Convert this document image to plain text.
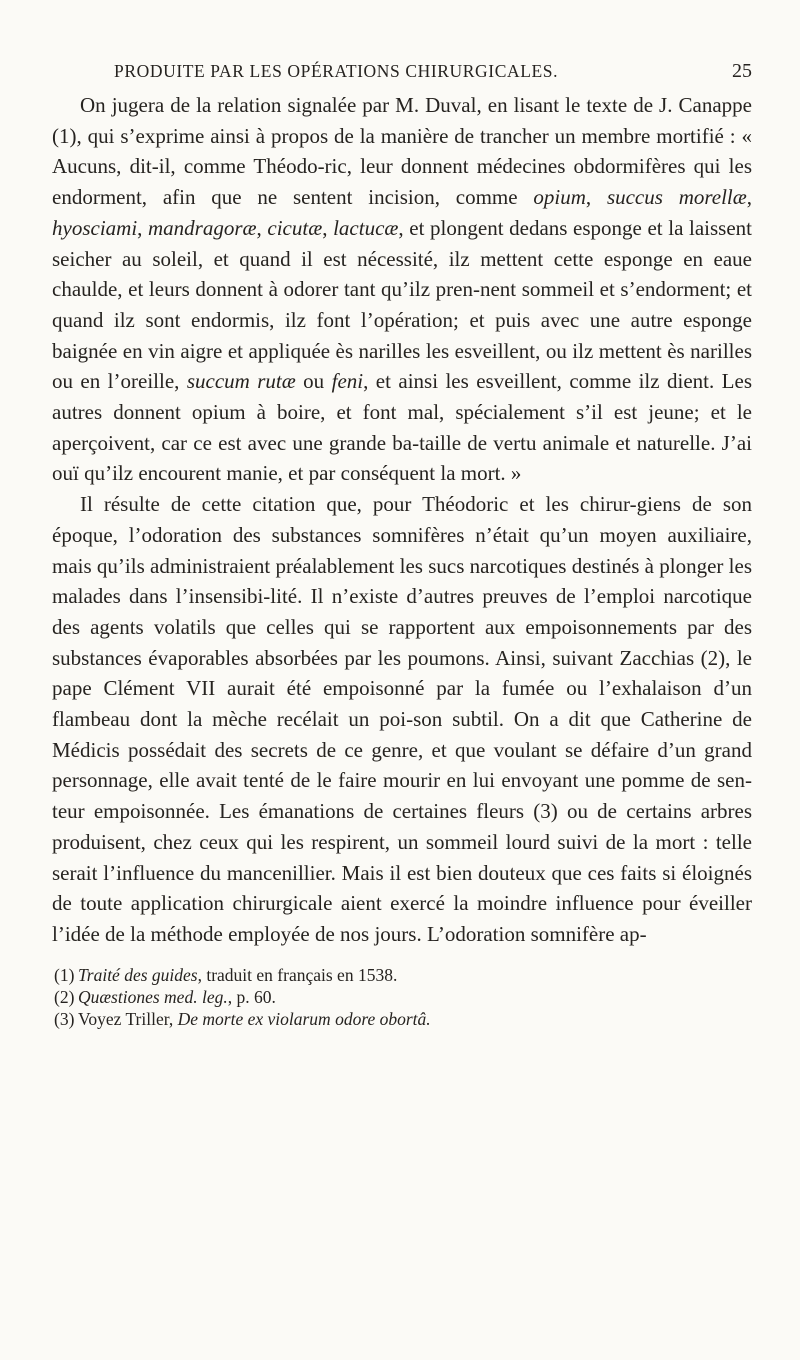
PRODUITE PAR LES OPÉRATIONS CHIRURGICALES.	25

On jugera de la relation signalée par M. Duval, en lisant le texte de J. Canappe (1), qui s’exprime ainsi à propos de la manière de trancher un membre mortifié : « Aucuns, dit-il, comme Théodo-ric, leur donnent médecines obdormifères qui les endorment, afin que ne sentent incision, comme opium, succus morellæ, hyosciami, mandragoræ, cicutæ, lactucæ, et plongent dedans esponge et la laissent seicher au soleil, et quand il est nécessité, ilz mettent cette esponge en eaue chaulde, et leurs donnent à odorer tant qu’ilz pren-nent sommeil et s’endorment; et quand ilz sont endormis, ilz font l’opération; et puis avec une autre esponge baignée en vin aigre et appliquée ès narilles les esveillent, ou ilz mettent ès narilles ou en l’oreille, succum rutæ ou feni, et ainsi les esveillent, comme ilz dient. Les autres donnent opium à boire, et font mal, spécialement s’il est jeune; et le aperçoivent, car ce est avec une grande ba-taille de vertu animale et naturelle. J’ai ouï qu’ilz encourent manie, et par conséquent la mort. »

Il résulte de cette citation que, pour Théodoric et les chirur-giens de son époque, l’odoration des substances somnifères n’était qu’un moyen auxiliaire, mais qu’ils administraient préalablement les sucs narcotiques destinés à plonger les malades dans l’insensibi-lité. Il n’existe d’autres preuves de l’emploi narcotique des agents volatils que celles qui se rapportent aux empoisonnements par des substances évaporables absorbées par les poumons. Ainsi, suivant Zacchias (2), le pape Clément VII aurait été empoisonné par la fumée ou l’exhalaison d’un flambeau dont la mèche recélait un poi-son subtil. On a dit que Catherine de Médicis possédait des secrets de ce genre, et que voulant se défaire d’un grand personnage, elle avait tenté de le faire mourir en lui envoyant une pomme de sen-teur empoisonnée. Les émanations de certaines fleurs (3) ou de certains arbres produisent, chez ceux qui les respirent, un sommeil lourd suivi de la mort : telle serait l’influence du mancenillier. Mais il est bien douteux que ces faits si éloignés de toute application chirurgicale aient exercé la moindre influence pour éveiller l’idée de la méthode employée de nos jours. L’odoration somnifère ap-

(1) Traité des guides, traduit en français en 1538.

(2) Quæstiones med. leg., p. 60.

(3) Voyez Triller, De morte ex violarum odore obortâ.
